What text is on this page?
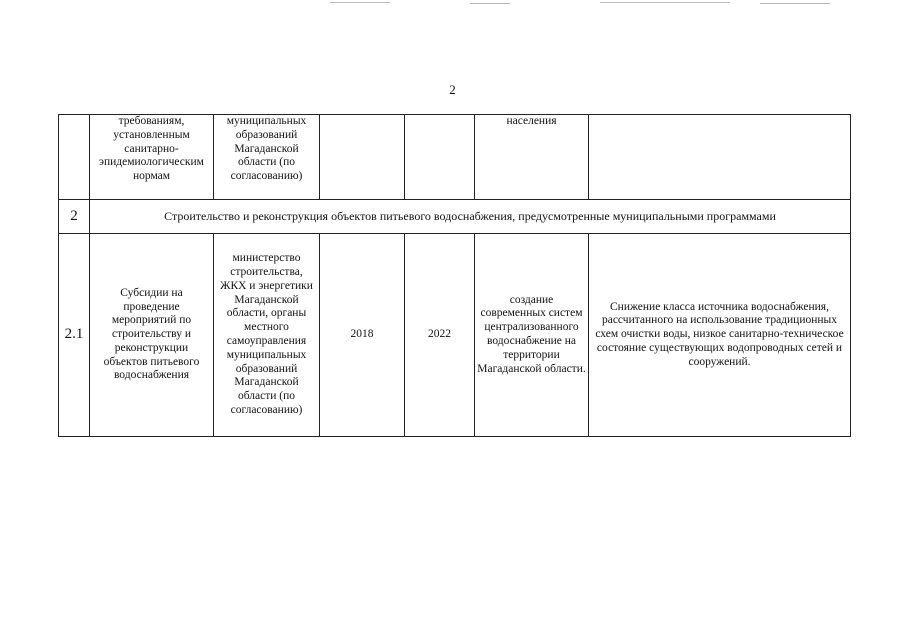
2
	требованиям, установленным санитарно-эпидемиологическим нормам	муниципальных образований Магаданской области (по согласованию)			населения	
2	Строительство и реконструкция объектов питьевого водоснабжения, предусмотренные муниципальными программами					
2.1	Субсидии на проведение мероприятий по строительству и реконструкции объектов питьевого водоснабжения	министерство строительства, ЖКХ и энергетики Магаданской области, органы местного самоуправления муниципальных образований Магаданской области (по согласованию)	2018	2022	создание современных систем централизованного водоснабжение на территории Магаданской области.	Снижение класса источника водоснабжения, рассчитанного на использование традиционных схем очистки воды, низкое санитарно-техническое состояние существующих водопроводных сетей и сооружений.
